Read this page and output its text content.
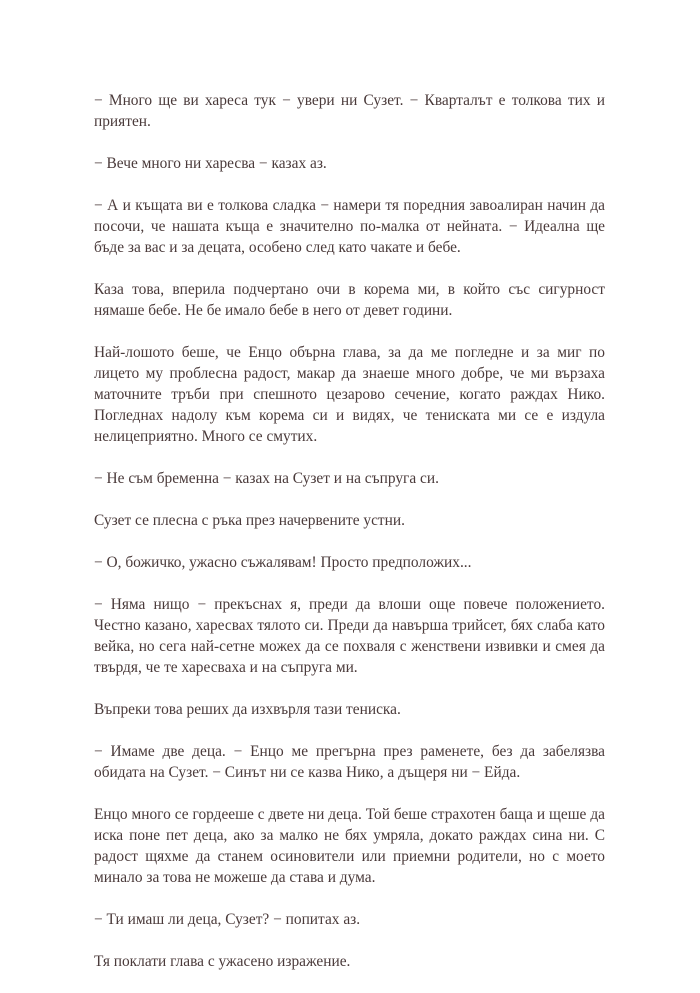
− Много ще ви хареса тук − увери ни Сузет. − Кварталът е толкова тих и приятен.

− Вече много ни харесва − казах аз.

− А и къщата ви е толкова сладка − намери тя поредния завоалиран начин да посочи, че нашата къща е значително по-малка от нейната. − Идеална ще бъде за вас и за децата, особено след като чакате и бебе.

Каза това, вперила подчертано очи в корема ми, в който със сигурност нямаше бебе. Не бе имало бебе в него от девет години.

Най-лошото беше, че Енцо обърна глава, за да ме погледне и за миг по лицето му проблесна радост, макар да знаеше много добре, че ми вързаха маточните тръби при спешното цезарово сечение, когато раждах Нико. Погледнах надолу към корема си и видях, че тениската ми се е издула нелицеприятно. Много се смутих.

− Не съм бременна − казах на Сузет и на съпруга си.

Сузет се плесна с ръка през начервените устни.

− О, божичко, ужасно съжалявам! Просто предположих...

− Няма нищо − прекъснах я, преди да влоши още повече положението. Честно казано, харесвах тялото си. Преди да навърша трийсет, бях слаба като вейка, но сега най-сетне можех да се похваля с женствени извивки и смея да твърдя, че те харесваха и на съпруга ми.

Въпреки това реших да изхвърля тази тениска.

− Имаме две деца. − Енцо ме прегърна през раменете, без да забелязва обидата на Сузет. − Синът ни се казва Нико, а дъщеря ни − Ейда.

Енцо много се гордееше с двете ни деца. Той беше страхотен баща и щеше да иска поне пет деца, ако за малко не бях умряла, докато раждах сина ни. С радост щяхме да станем осиновители или приемни родители, но с моето минало за това не можеше да става и дума.

− Ти имаш ли деца, Сузет? − попитах аз.

Тя поклати глава с ужасено изражение.
